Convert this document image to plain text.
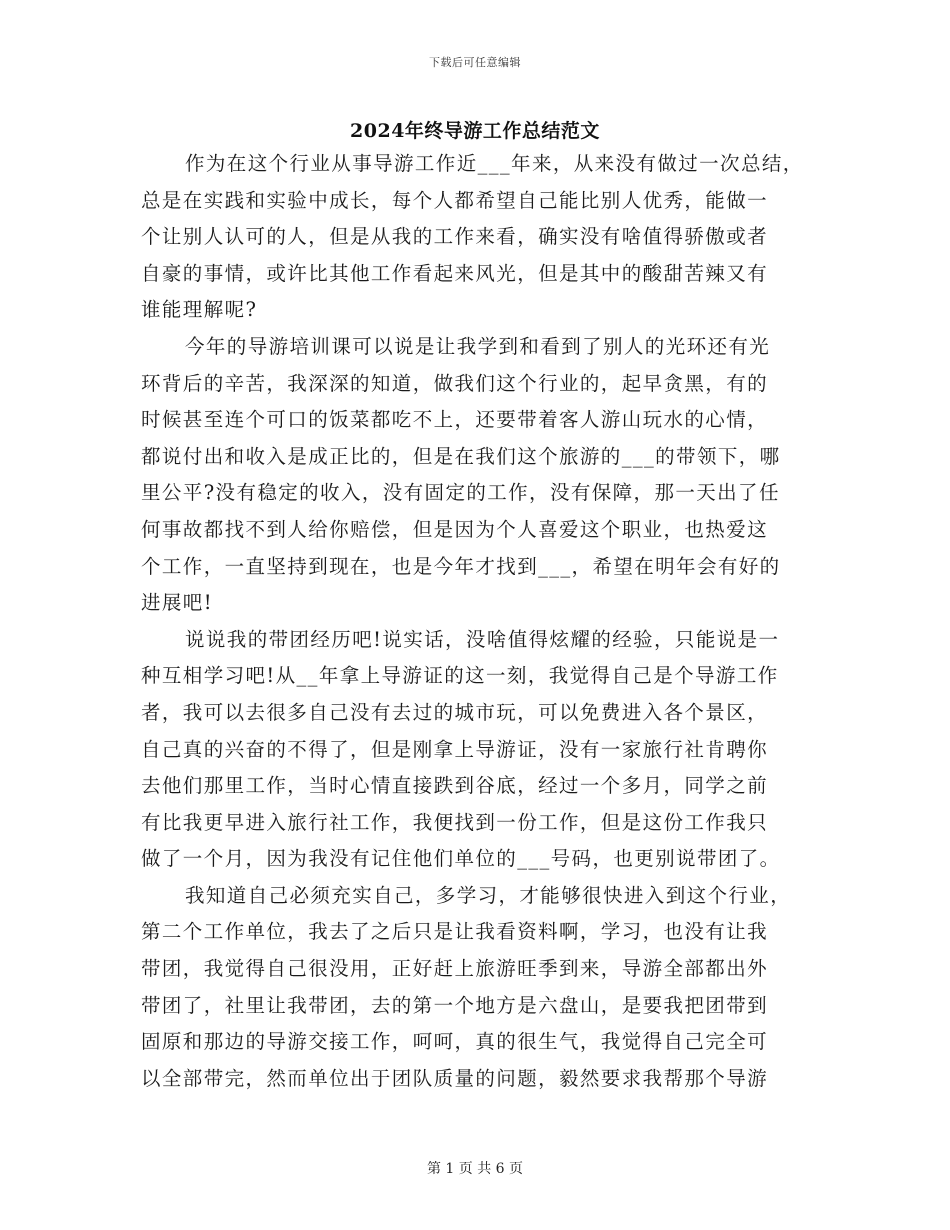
下载后可任意编辑
2024年终导游工作总结范文
作为在这个行业从事导游工作近___年来，从来没有做过一次总结，
总是在实践和实验中成长，每个人都希望自己能比别人优秀，能做一
个让别人认可的人，但是从我的工作来看，确实没有啥值得骄傲或者
自豪的事情，或许比其他工作看起来风光，但是其中的酸甜苦辣又有
谁能理解呢?
今年的导游培训课可以说是让我学到和看到了别人的光环还有光
环背后的辛苦，我深深的知道，做我们这个行业的，起早贪黑，有的
时候甚至连个可口的饭菜都吃不上，还要带着客人游山玩水的心情，
都说付出和收入是成正比的，但是在我们这个旅游的___的带领下，哪
里公平?没有稳定的收入，没有固定的工作，没有保障，那一天出了任
何事故都找不到人给你赔偿，但是因为个人喜爱这个职业，也热爱这
个工作，一直坚持到现在，也是今年才找到___，希望在明年会有好的
进展吧!
说说我的带团经历吧!说实话，没啥值得炫耀的经验，只能说是一
种互相学习吧!从__年拿上导游证的这一刻，我觉得自己是个导游工作
者，我可以去很多自己没有去过的城市玩，可以免费进入各个景区，
自己真的兴奋的不得了，但是刚拿上导游证，没有一家旅行社肯聘你
去他们那里工作，当时心情直接跌到谷底，经过一个多月，同学之前
有比我更早进入旅行社工作，我便找到一份工作，但是这份工作我只
做了一个月，因为我没有记住他们单位的___号码，也更别说带团了。
我知道自己必须充实自己，多学习，才能够很快进入到这个行业，
第二个工作单位，我去了之后只是让我看资料啊，学习，也没有让我
带团，我觉得自己很没用，正好赶上旅游旺季到来，导游全部都出外
带团了，社里让我带团，去的第一个地方是六盘山，是要我把团带到
固原和那边的导游交接工作，呵呵，真的很生气，我觉得自己完全可
以全部带完，然而单位出于团队质量的问题，毅然要求我帮那个导游
第 1 页 共 6 页
